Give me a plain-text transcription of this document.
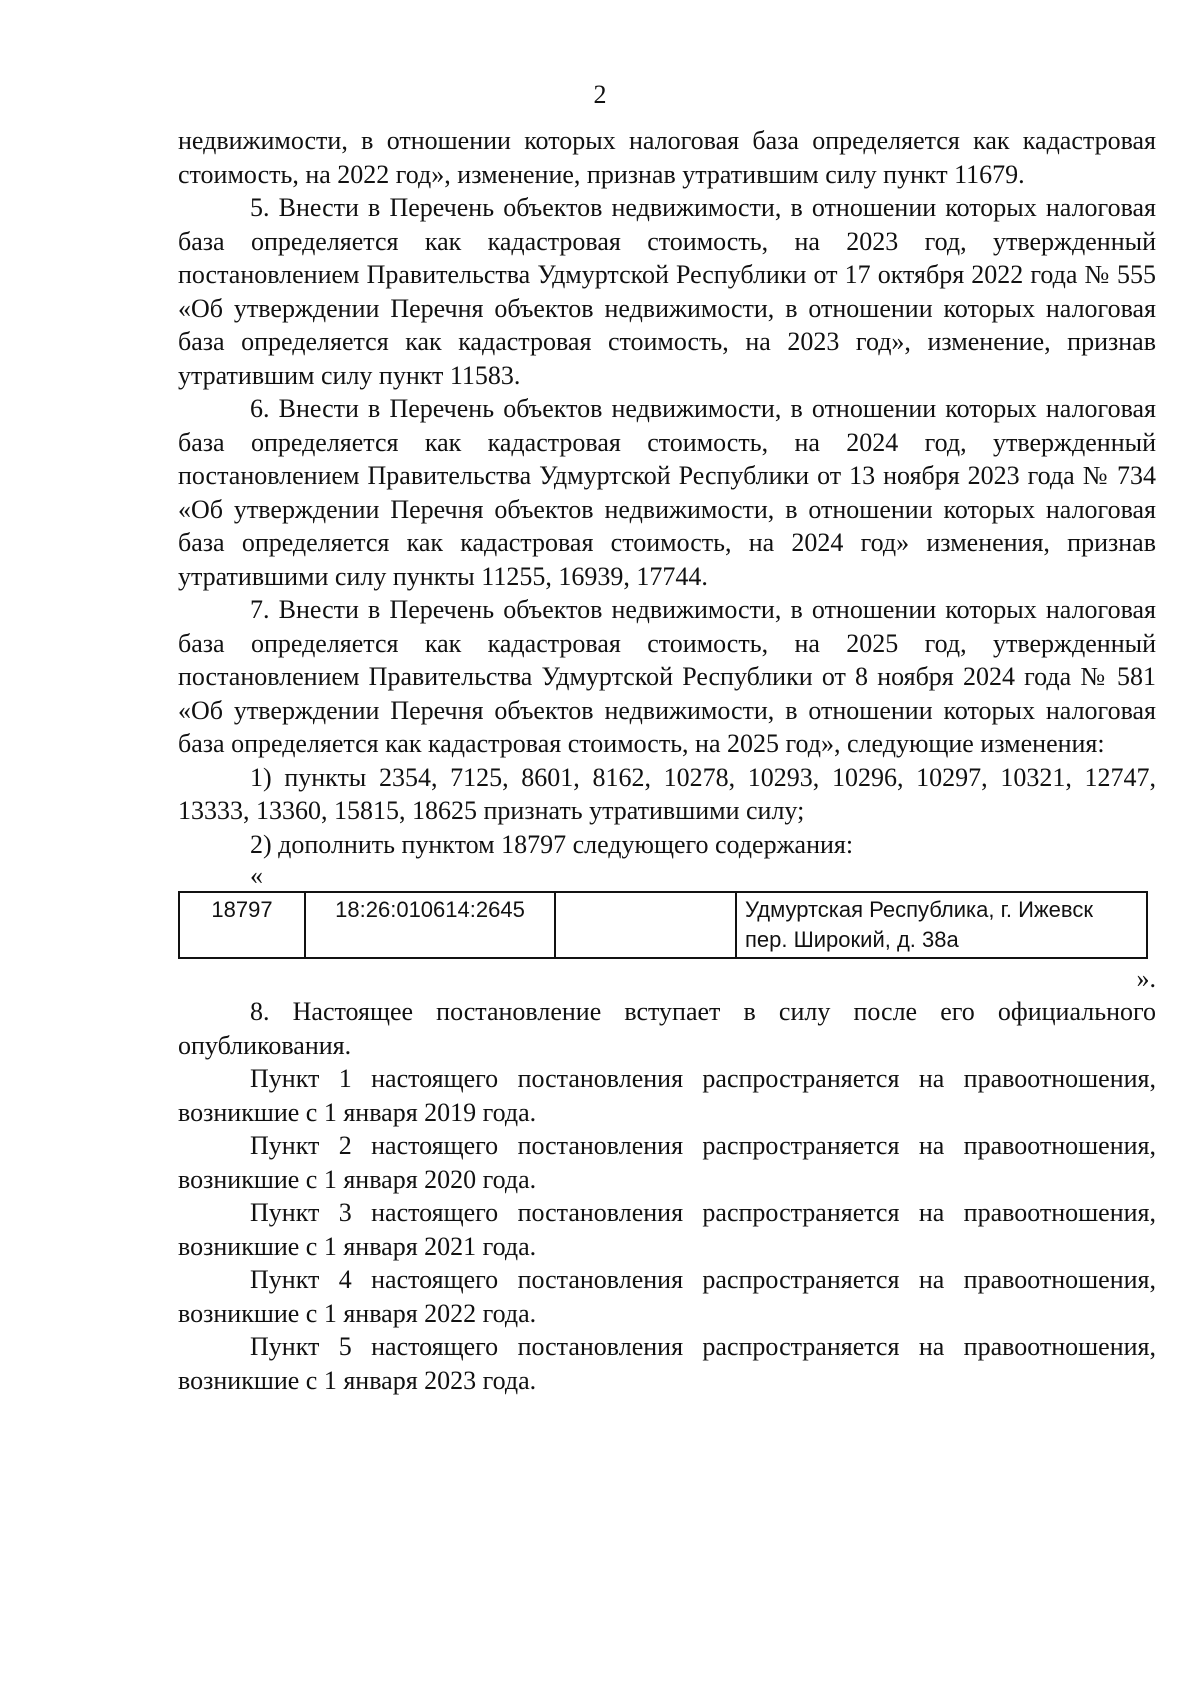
2

недвижимости, в отношении которых налоговая база определяется как кадастровая стоимость, на 2022 год», изменение, признав утратившим силу пункт 11679.

5. Внести в Перечень объектов недвижимости, в отношении которых налоговая база определяется как кадастровая стоимость, на 2023 год, утвержденный постановлением Правительства Удмуртской Республики от 17 октября 2022 года № 555 «Об утверждении Перечня объектов недвижимости, в отношении которых налоговая база определяется как кадастровая стоимость, на 2023 год», изменение, признав утратившим силу пункт 11583.

6. Внести в Перечень объектов недвижимости, в отношении которых налоговая база определяется как кадастровая стоимость, на 2024 год, утвержденный постановлением Правительства Удмуртской Республики от 13 ноября 2023 года № 734 «Об утверждении Перечня объектов недвижимости, в отношении которых налоговая база определяется как кадастровая стоимость, на 2024 год» изменения, признав утратившими силу пункты 11255, 16939, 17744.

7. Внести в Перечень объектов недвижимости, в отношении которых налоговая база определяется как кадастровая стоимость, на 2025 год, утвержденный постановлением Правительства Удмуртской Республики от 8 ноября 2024 года № 581 «Об утверждении Перечня объектов недвижимости, в отношении которых налоговая база определяется как кадастровая стоимость, на 2025 год», следующие изменения:

1) пункты 2354, 7125, 8601, 8162, 10278, 10293, 10296, 10297, 10321, 12747, 13333, 13360, 15815, 18625 признать утратившими силу;

2) дополнить пунктом 18797 следующего содержания:

«

18797	18:26:010614:2645		Удмуртская Республика, г. Ижевск пер. Широкий, д. 38а

».

8. Настоящее постановление вступает в силу после его официального опубликования.

Пункт 1 настоящего постановления распространяется на правоотношения, возникшие с 1 января 2019 года.

Пункт 2 настоящего постановления распространяется на правоотношения, возникшие с 1 января 2020 года.

Пункт 3 настоящего постановления распространяется на правоотношения, возникшие с 1 января 2021 года.

Пункт 4 настоящего постановления распространяется на правоотношения, возникшие с 1 января 2022 года.

Пункт 5 настоящего постановления распространяется на правоотношения, возникшие с 1 января 2023 года.
